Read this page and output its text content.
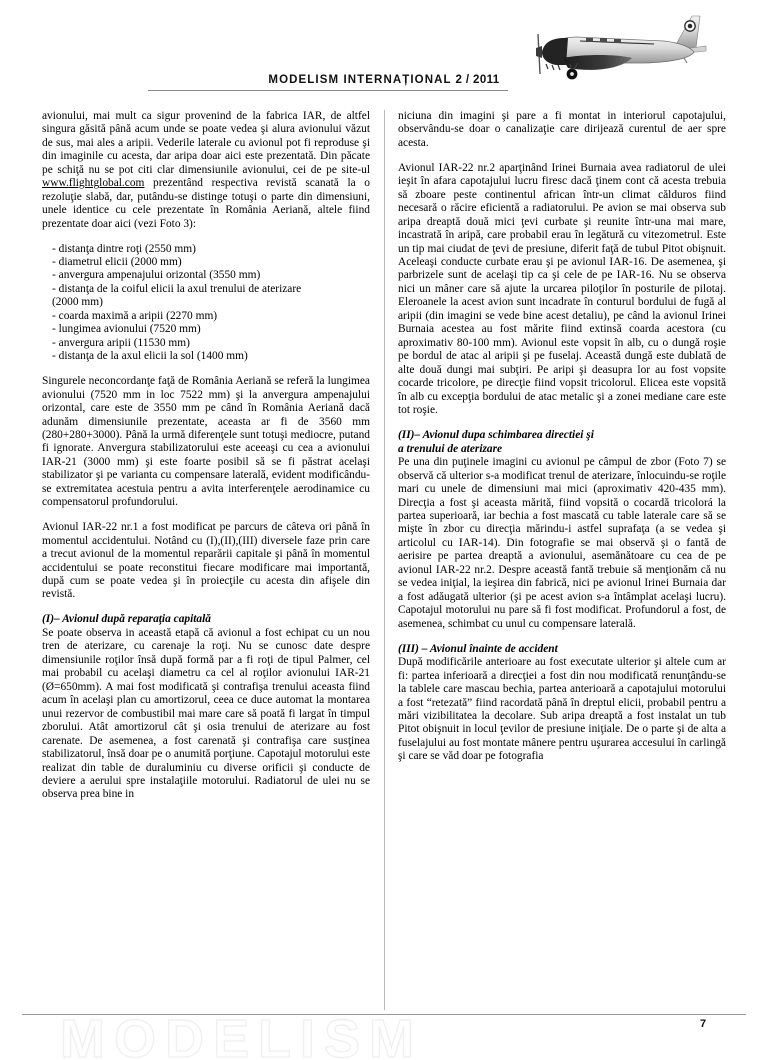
MODELISM INTERNAȚIONAL 2 / 2011

avionului, mai mult ca sigur provenind de la fabrica IAR, de altfel singura găsită până acum unde se poate vedea şi alura avionului văzut de sus, mai ales a aripii. Vederile laterale cu avionul pot fi reproduse şi din imaginile cu acesta, dar aripa doar aici este prezentată. Din păcate pe schiţă nu se pot citi clar dimensiunile avionului, cei de pe site-ul www.flightglobal.com prezentând respectiva revistă scanată la o rezoluţie slabă, dar, putându-se distinge totuşi o parte din dimensiuni, unele identice cu cele prezentate în România Aeriană, altele fiind prezentate doar aici (vezi Foto 3):

- distanţa dintre roţi (2550 mm)
- diametrul elicii (2000 mm)
- anvergura ampenajului orizontal (3550 mm)
- distanţa de la coiful elicii la axul trenului de aterizare
(2000 mm)
- coarda maximă a aripii (2270 mm)
- lungimea avionului (7520 mm)
- anvergura aripii (11530 mm)
- distanţa de la axul elicii la sol (1400 mm)

Singurele neconcordanţe faţă de România Aeriană se referă la lungimea avionului (7520 mm in loc 7522 mm) şi la anvergura ampenajului orizontal, care este de 3550 mm pe când în România Aeriană dacă adunăm dimensiunile prezentate, aceasta ar fi de 3560 mm (280+280+3000). Până la urmă diferenţele sunt totuşi mediocre, putand fi ignorate. Anvergura stabilizatorului este aceeaşi cu cea a avionului IAR-21 (3000 mm) şi este foarte posibil să se fi păstrat acelaşi stabilizator şi pe varianta cu compensare laterală, evident modificându-se extremitatea acestuia pentru a avita interferenţele aerodinamice cu compensatorul profundorului.

Avionul IAR-22 nr.1 a fost modificat pe parcurs de câteva ori până în momentul accidentului. Notând cu (I),(II),(III) diversele faze prin care a trecut avionul de la momentul reparării capitale şi până în momentul accidentului se poate reconstitui fiecare modificare mai importantă, după cum se poate vedea şi în proiecţile cu acesta din afişele din revistă.

(I)– Avionul după reparaţia capitală

Se poate observa in această etapă că avionul a fost echipat cu un nou tren de aterizare, cu carenaje la roţi. Nu se cunosc date despre dimensiunile roţilor însă după formă par a fi roţi de tipul Palmer, cel mai probabil cu acelaşi diametru ca cel al roţilor avionului IAR-21 (Ø=650mm). A mai fost modificată şi contrafişa trenului aceasta fiind acum în acelaşi plan cu amortizorul, ceea ce duce automat la montarea unui rezervor de combustibil mai mare care să poată fi largat în timpul zborului. Atât amortizorul cât şi osia trenului de aterizare au fost carenate. De asemenea, a fost carenată şi contrafişa care susţinea stabilizatorul, însă doar pe o anumită porţiune. Capotajul motorului este realizat din table de duraluminiu cu diverse orificii şi conducte de deviere a aerului spre instalaţiile motorului. Radiatorul de ulei nu se observa prea bine in

niciuna din imagini şi pare a fi montat in interiorul capotajului, observându-se doar o canalizaţie care dirijează curentul de aer spre acesta.

Avionul IAR-22 nr.2 aparţinând Irinei Burnaia avea radiatorul de ulei ieşit în afara capotajului lucru firesc dacă ţinem cont că acesta trebuia să zboare peste continentul african într-un climat călduros fiind necesară o răcire eficientă a radiatorului. Pe avion se mai observa sub aripa dreaptă două mici ţevi curbate şi reunite într-una mai mare, incastrată în aripă, care probabil erau în legătură cu vitezometrul. Este un tip mai ciudat de ţevi de presiune, diferit faţă de tubul Pitot obişnuit. Aceleaşi conducte curbate erau şi pe avionul IAR-16. De asemenea, şi parbrizele sunt de acelaşi tip ca şi cele de pe IAR-16. Nu se observa nici un mâner care să ajute la urcarea piloţilor în posturile de pilotaj. Eleroanele la acest avion sunt incadrate în conturul bordului de fugă al aripii (din imagini se vede bine acest detaliu), pe când la avionul Irinei Burnaia acestea au fost mărite fiind extinsă coarda acestora (cu aproximativ 80-100 mm). Avionul este vopsit în alb, cu o dungă roşie pe bordul de atac al aripii şi pe fuselaj. Această dungă este dublată de alte două dungi mai subţiri. Pe aripi şi deasupra lor au fost vopsite cocarde tricolore, pe direcţie fiind vopsit tricolorul. Elicea este vopsită în alb cu excepţia bordului de atac metalic şi a zonei mediane care este tot roşie.

(II)– Avionul dupa schimbarea directiei şi
a trenului de aterizare

Pe una din puţinele imagini cu avionul pe câmpul de zbor (Foto 7) se observă că ulterior s-a modificat trenul de aterizare, înlocuindu-se roţile mari cu unele de dimensiuni mai mici (aproximativ 420-435 mm). Direcţia a fost şi aceasta mărită, fiind vopsită o cocardă tricolorá la partea superioară, iar bechia a fost mascată cu table laterale care să se mişte în zbor cu direcţia mărindu-i astfel suprafaţa (a se vedea şi articolul cu IAR-14). Din fotografie se mai observă şi o fantă de aerisire pe partea dreaptă a avionului, asemănătoare cu cea de pe avionul IAR-22 nr.2. Despre această fantă trebuie să menţionăm că nu se vedea iniţial, la ieşirea din fabrică, nici pe avionul Irinei Burnaia dar a fost adăugată ulterior (şi pe acest avion s-a întâmplat acelaşi lucru). Capotajul motorului nu pare să fi fost modificat. Profundorul a fost, de asemenea, schimbat cu unul cu compensare laterală.

(III) – Avionul înainte de accident

După modificările anterioare au fost executate ulterior şi altele cum ar fi: partea inferioară a direcţiei a fost din nou modificată renunţându-se la tablele care mascau bechia, partea anterioară a capotajului motorului a fost “retezată” fiind racordată până în dreptul elicii, probabil pentru a mări vizibilitatea la decolare. Sub aripa dreaptă a fost instalat un tub Pitot obişnuit in locul ţevilor de presiune iniţiale. De o parte şi de alta a fuselajului au fost montate mânere pentru uşurarea accesului în carlingă şi care se văd doar pe fotografia

MODELISM	7
